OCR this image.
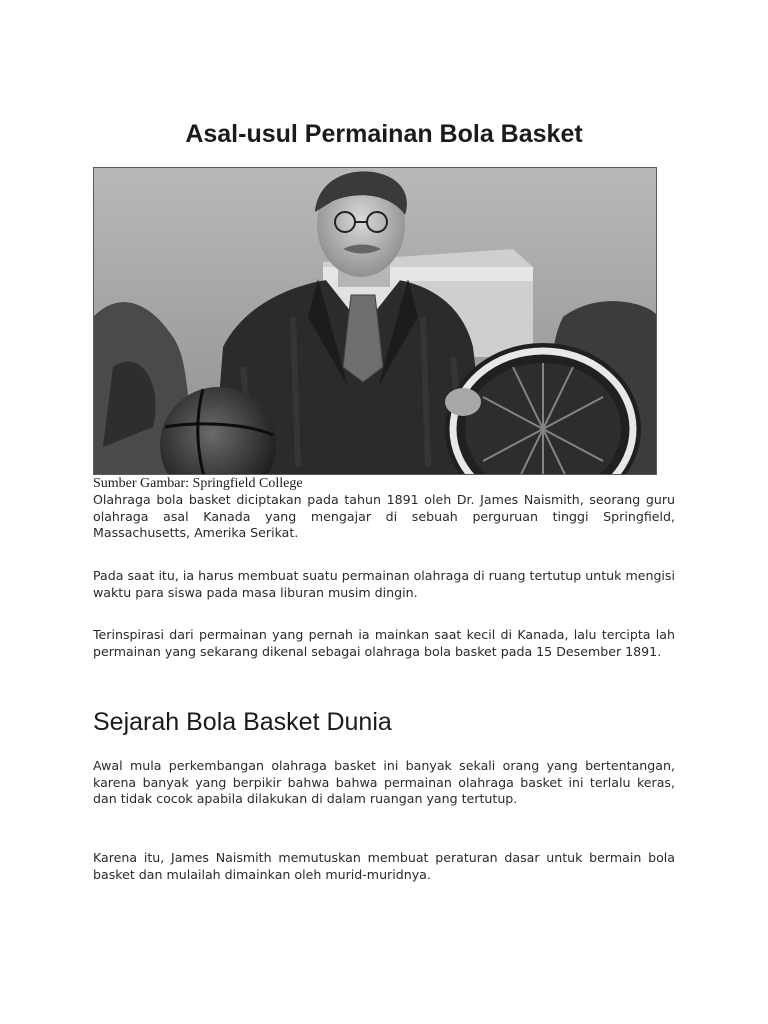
Asal-usul Permainan Bola Basket
Sumber Gambar: Springfield College

Olahraga bola basket diciptakan pada tahun 1891 oleh Dr. James Naismith, seorang guru olahraga asal Kanada yang mengajar di sebuah perguruan tinggi Springfield, Massachusetts, Amerika Serikat.

Pada saat itu, ia harus membuat suatu permainan olahraga di ruang tertutup untuk mengisi waktu para siswa pada masa liburan musim dingin.

Terinspirasi dari permainan yang pernah ia mainkan saat kecil di Kanada, lalu tercipta lah permainan yang sekarang dikenal sebagai olahraga bola basket pada 15 Desember 1891.

Sejarah Bola Basket Dunia

Awal mula perkembangan olahraga basket ini banyak sekali orang yang bertentangan, karena banyak yang berpikir bahwa bahwa permainan olahraga basket ini terlalu keras, dan tidak cocok apabila dilakukan di dalam ruangan yang tertutup.

Karena itu, James Naismith memutuskan membuat peraturan dasar untuk bermain bola basket dan mulailah dimainkan oleh murid-muridnya.
